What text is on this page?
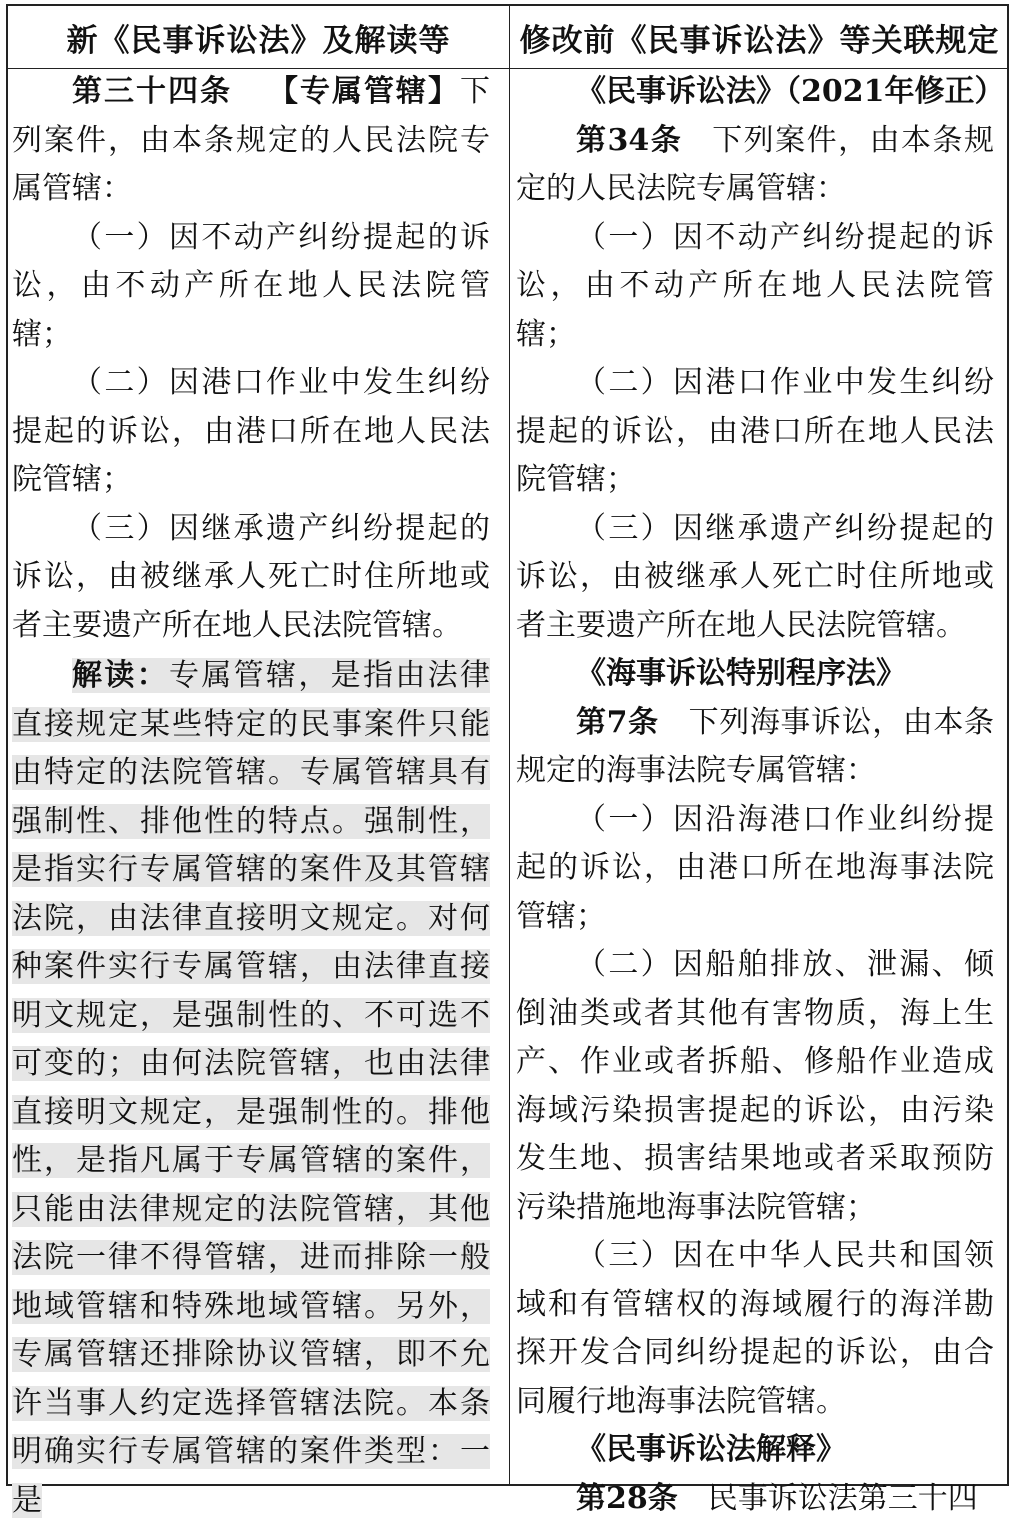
新《民事诉讼法》及解读等	修改前《民事诉讼法》等关联规定

第三十四条 【专属管辖】下列案件，由本条规定的人民法院专属管辖：

（一）因不动产纠纷提起的诉讼，由不动产所在地人民法院管辖；

（二）因港口作业中发生纠纷提起的诉讼，由港口所在地人民法院管辖；

（三）因继承遗产纠纷提起的诉讼，由被继承人死亡时住所地或者主要遗产所在地人民法院管辖。

解读：专属管辖，是指由法律直接规定某些特定的民事案件只能由特定的法院管辖。专属管辖具有强制性、排他性的特点。强制性，是指实行专属管辖的案件及其管辖法院，由法律直接明文规定。对何种案件实行专属管辖，由法律直接明文规定，是强制性的、不可选不可变的；由何法院管辖，也由法律直接明文规定，是强制性的。排他性，是指凡属于专属管辖的案件，只能由法律规定的法院管辖，其他法院一律不得管辖，进而排除一般地域管辖和特殊地域管辖。另外，专属管辖还排除协议管辖，即不允许当事人约定选择管辖法院。本条明确实行专属管辖的案件类型：一是

《民事诉讼法》（2021年修正）

第34条 下列案件，由本条规定的人民法院专属管辖：

（一）因不动产纠纷提起的诉讼，由不动产所在地人民法院管辖；

（二）因港口作业中发生纠纷提起的诉讼，由港口所在地人民法院管辖；

（三）因继承遗产纠纷提起的诉讼，由被继承人死亡时住所地或者主要遗产所在地人民法院管辖。

《海事诉讼特别程序法》

第7条 下列海事诉讼，由本条规定的海事法院专属管辖：

（一）因沿海港口作业纠纷提起的诉讼，由港口所在地海事法院管辖；

（二）因船舶排放、泄漏、倾倒油类或者其他有害物质，海上生产、作业或者拆船、修船作业造成海域污染损害提起的诉讼，由污染发生地、损害结果地或者采取预防污染措施地海事法院管辖；

（三）因在中华人民共和国领域和有管辖权的海域履行的海洋勘探开发合同纠纷提起的诉讼，由合同履行地海事法院管辖。

《民事诉讼法解释》

第28条 民事诉讼法第三十四
